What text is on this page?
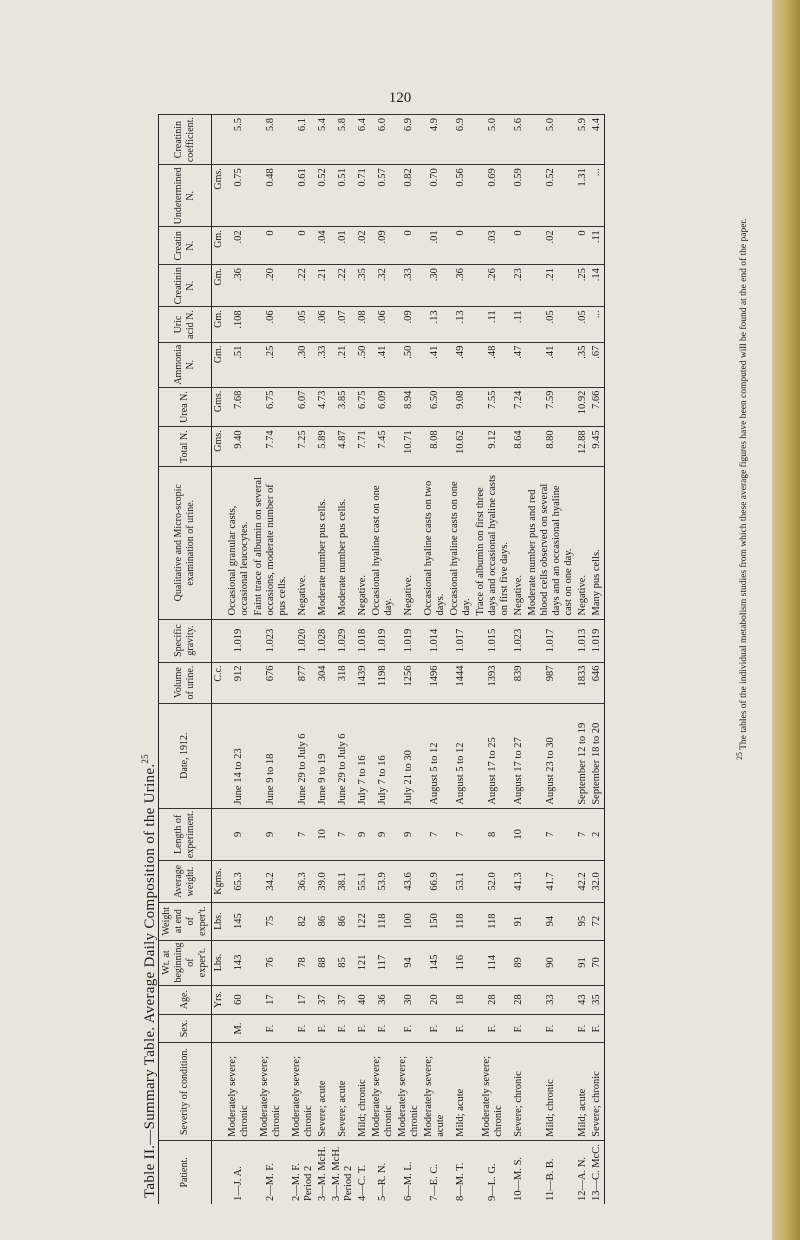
120
Table II.—Summary Table. Average Daily Composition of the Urine.$^{25}$
Patient.	Severity of condition.	Sex.	Age.	Wt. at beginning of exper't.	Weight at end of exper't.	Average weight.	Length of experiment.	Date, 1912.	Volume of urine.	Specific gravity.	Qualitative and Micro-scopic examination of urine.	Total N.	Urea N.	Ammonia N.	Uric acid N.	Creatinin N.	Creatin N.	Undetermined N.	Creatinin coefficient.
			Yrs.	Lbs.	Lbs.	Kgms.			C.c.			Gms.	Gms.	Gm.	Gm.	Gm.	Gm.	Gms.	
1—J. A.	Moderately severe; chronic	M.	60	143	145	65.3	9	June 14 to 23	912	1.019	Occasional granular casts, occasional leucocytes.	9.40	7.68	.51	.108	.36	.02	0.75	5.5
2—M. F.	Moderately severe; chronic	F.	17	76	75	34.2	9	June 9 to 18	676	1.023	Faint trace of albumin on several occasions, moderate number of pus cells.	7.74	6.75	.25	.06	.20	0	0.48	5.8
2—M. F. Period 2	Moderately severe; chronic	F.	17	78	82	36.3	7	June 29 to July 6	877	1.020	Negative.	7.25	6.07	.30	.05	.22	0	0.61	6.1
3—M. McH.	Severe; acute	F.	37	88	86	39.0	10	June 9 to 19	304	1.028	Moderate number pus cells.	5.89	4.73	.33	.06	.21	.04	0.52	5.4
3—M. McH. Period 2	Severe; acute	F.	37	85	86	38.1	7	June 29 to July 6	318	1.029	Moderate number pus cells.	4.87	3.85	.21	.07	.22	.01	0.51	5.8
4—C. T.	Mild; chronic	F.	40	121	122	55.1	9	July 7 to 16	1439	1.018	Negative.	7.71	6.75	.50	.08	.35	.02	0.71	6.4
5—R. N.	Moderately severe; chronic	F.	36	117	118	53.9	9	July 7 to 16	1198	1.019	Occasional hyaline cast on one day.	7.45	6.09	.41	.06	.32	.09	0.57	6.0
6—M. L.	Moderately severe; chronic	F.	30	94	100	43.6	9	July 21 to 30	1256	1.019	Negative.	10.71	8.94	.50	.09	.33	0	0.82	6.9
7—E. C.	Moderately severe; acute	F.	20	145	150	66.9	7	August 5 to 12	1496	1.014	Occasional hyaline casts on two days.	8.08	6.50	.41	.13	.30	.01	0.70	4.9
8—M. T.	Mild; acute	F.	18	116	118	53.1	7	August 5 to 12	1444	1.017	Occasional hyaline casts on one day.	10.62	9.08	.49	.13	.36	0	0.56	6.9
9—L. G.	Moderately severe; chronic	F.	28	114	118	52.0	8	August 17 to 25	1393	1.015	Trace of albumin on first three days and occasional hyaline casts on first five days.	9.12	7.55	.48	.11	.26	.03	0.69	5.0
10—M. S.	Severe; chronic	F.	28	89	91	41.3	10	August 17 to 27	839	1.023	Negative.	8.64	7.24	.47	.11	.23	0	0.59	5.6
11—B. B.	Mild; chronic	F.	33	90	94	41.7	7	August 23 to 30	987	1.017	Moderate number pus and red blood cells observed on several days and an occasional hyaline cast on one day.	8.80	7.59	.41	.05	.21	.02	0.52	5.0
12—A. N.	Mild; acute	F.	43	91	95	42.2	7	September 12 to 19	1833	1.013	Negative.	12.88	10.92	.35	.05	.25	0	1.31	5.9
13—C. McC.	Severe; chronic	F.	35	70	72	32.0	2	September 18 to 20	646	1.019	Many pus cells.	9.45	7.66	.67	...	.14	.11	...	4.4
$^{25}$ The tables of the individual metabolism studies from which these average figures have been computed will be found at the end of the paper.
